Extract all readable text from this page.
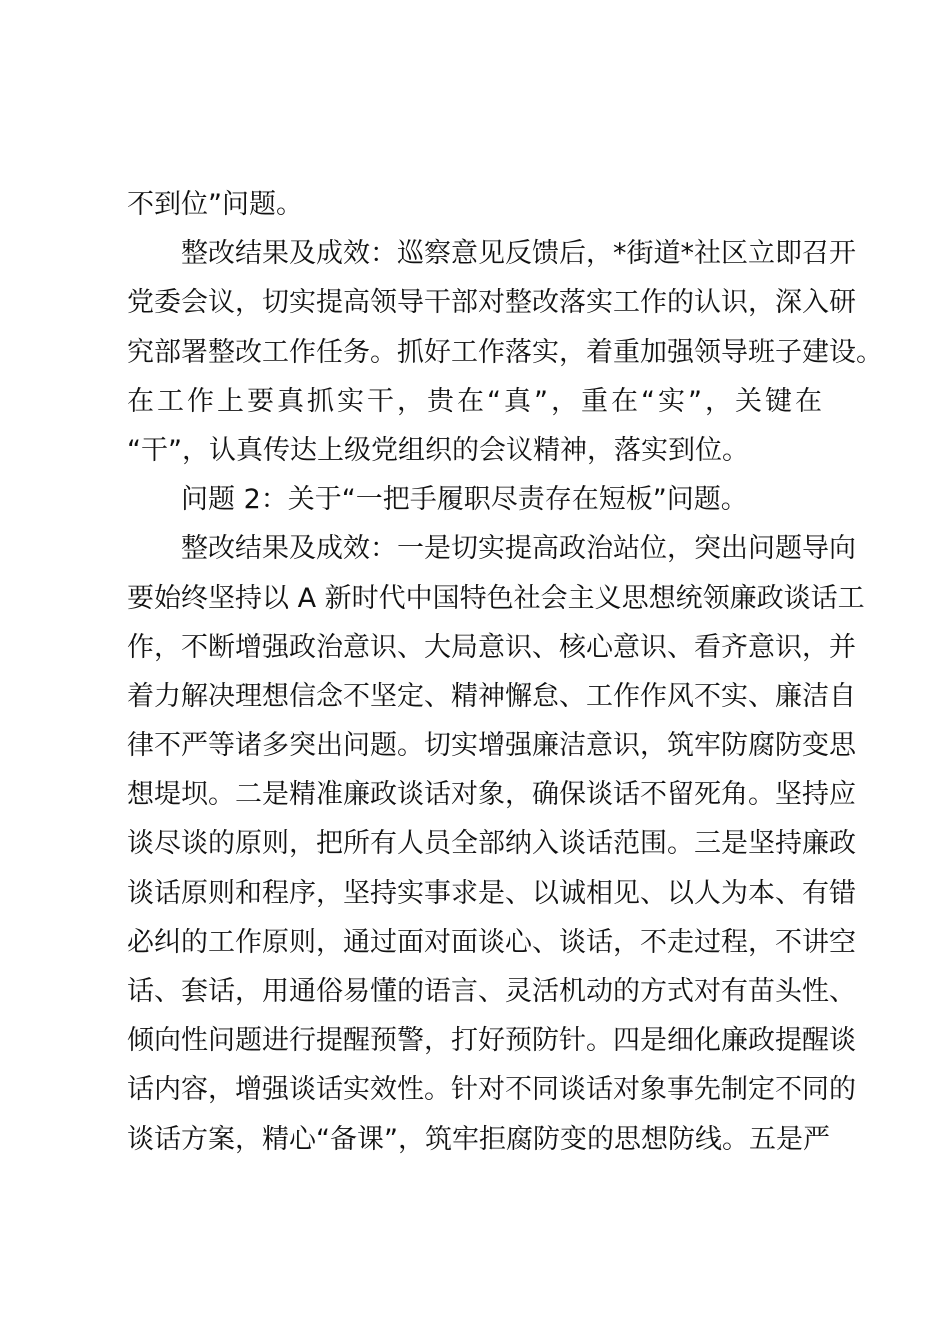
不到位”问题。
整改结果及成效：巡察意见反馈后，*街道*社区立即召开
党委会议，切实提高领导干部对整改落实工作的认识，深入研
究部署整改工作任务。抓好工作落实，着重加强领导班子建设。
在工作上要真抓实干，贵在“真”，重在“实”，关键在
“干”，认真传达上级党组织的会议精神，落实到位。
问题 2：关于“一把手履职尽责存在短板”问题。
整改结果及成效：一是切实提高政治站位，突出问题导向
要始终坚持以 A 新时代中国特色社会主义思想统领廉政谈话工
作，不断增强政治意识、大局意识、核心意识、看齐意识，并
着力解决理想信念不坚定、精神懈怠、工作作风不实、廉洁自
律不严等诸多突出问题。切实增强廉洁意识，筑牢防腐防变思
想堤坝。二是精准廉政谈话对象，确保谈话不留死角。坚持应
谈尽谈的原则，把所有人员全部纳入谈话范围。三是坚持廉政
谈话原则和程序，坚持实事求是、以诚相见、以人为本、有错
必纠的工作原则，通过面对面谈心、谈话，不走过程，不讲空
话、套话，用通俗易懂的语言、灵活机动的方式对有苗头性、
倾向性问题进行提醒预警，打好预防针。四是细化廉政提醒谈
话内容，增强谈话实效性。针对不同谈话对象事先制定不同的
谈话方案，精心“备课”，筑牢拒腐防变的思想防线。五是严
